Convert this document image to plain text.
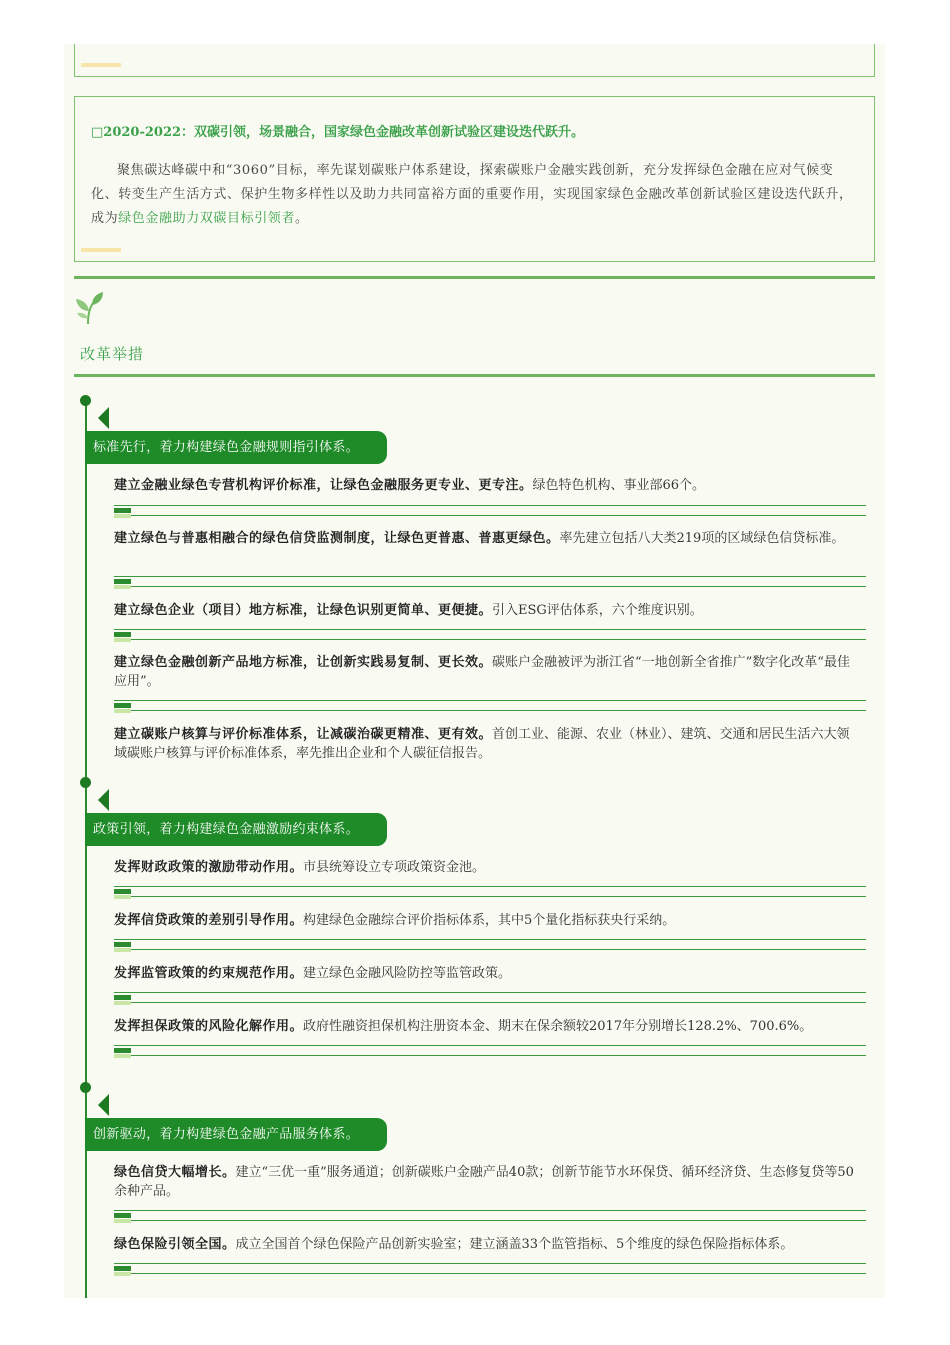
□2020-2022：双碳引领，场景融合，国家绿色金融改革创新试验区建设迭代跃升。
聚焦碳达峰碳中和“3060”目标，率先谋划碳账户体系建设，探索碳账户金融实践创新，充分发挥绿色金融在应对气候变化、转变生产生活方式、保护生物多样性以及助力共同富裕方面的重要作用，实现国家绿色金融改革创新试验区建设迭代跃升，成为绿色金融助力双碳目标引领者。
改革举措
标准先行，着力构建绿色金融规则指引体系。
建立金融业绿色专营机构评价标准，让绿色金融服务更专业、更专注。绿色特色机构、事业部66个。
建立绿色与普惠相融合的绿色信贷监测制度，让绿色更普惠、普惠更绿色。率先建立包括八大类219项的区域绿色信贷标准。
建立绿色企业（项目）地方标准，让绿色识别更简单、更便捷。引入ESG评估体系，六个维度识别。
建立绿色金融创新产品地方标准，让创新实践易复制、更长效。碳账户金融被评为浙江省“一地创新全省推广”数字化改革“最佳应用”。
建立碳账户核算与评价标准体系，让减碳治碳更精准、更有效。首创工业、能源、农业（林业）、建筑、交通和居民生活六大领域碳账户核算与评价标准体系，率先推出企业和个人碳征信报告。
政策引领，着力构建绿色金融激励约束体系。
发挥财政政策的激励带动作用。市县统筹设立专项政策资金池。
发挥信贷政策的差别引导作用。构建绿色金融综合评价指标体系，其中5个量化指标获央行采纳。
发挥监管政策的约束规范作用。建立绿色金融风险防控等监管政策。
发挥担保政策的风险化解作用。政府性融资担保机构注册资本金、期末在保余额较2017年分别增长128.2%、700.6%。
创新驱动，着力构建绿色金融产品服务体系。
绿色信贷大幅增长。建立“三优一重”服务通道；创新碳账户金融产品40款；创新节能节水环保贷、循环经济贷、生态修复贷等50余种产品。
绿色保险引领全国。成立全国首个绿色保险产品创新实验室；建立涵盖33个监管指标、5个维度的绿色保险指标体系。
